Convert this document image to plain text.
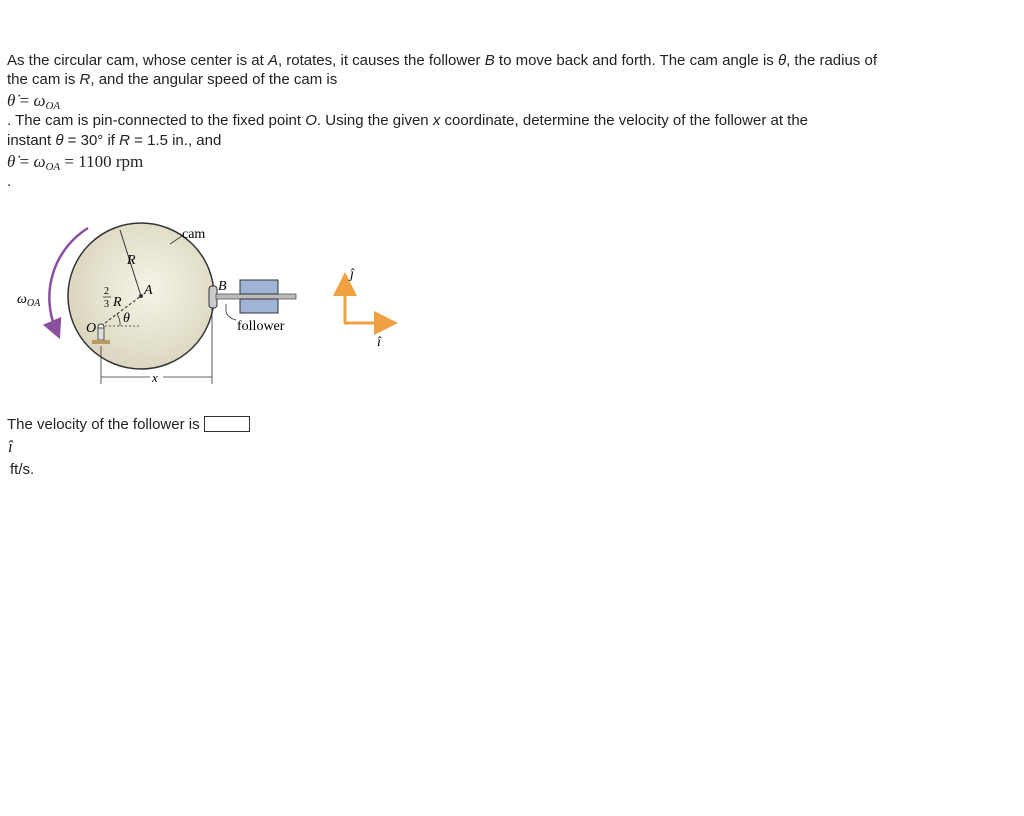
As the circular cam, whose center is at A, rotates, it causes the follower B to move back and forth. The cam angle is θ, the radius of
the cam is R, and the angular speed of the cam is
θ̇ = ωOA
. The cam is pin-connected to the fixed point O. Using the given x coordinate, determine the velocity of the follower at the
instant θ = 30° if R = 1.5 in., and
θ̇ = ωOA = 1100 rpm
.
$\omega_{OA}$
cam
R
A
2
3 R
θ
O
x
B
follower
ĵ
î
The velocity of the follower is
î
ft/s.
